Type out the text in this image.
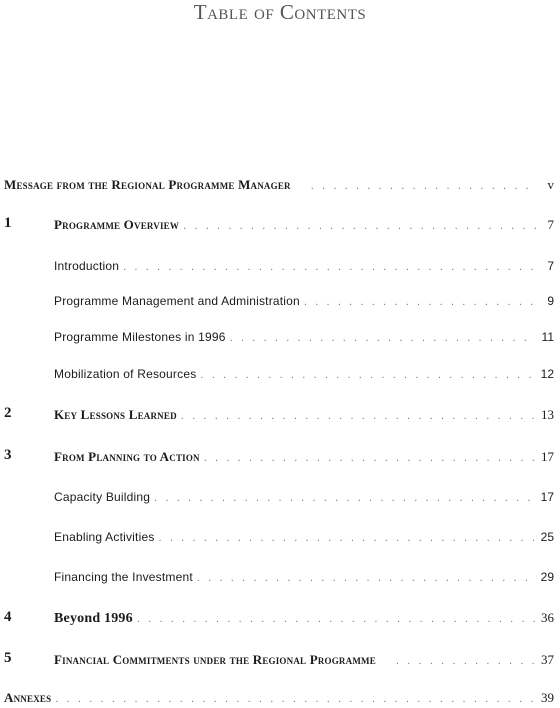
Table of Contents
Message from the Regional Programme Manager . . .	v
1	Programme Overview . . .	7
Introduction . . .	7
Programme Management and Administration . . .	9
Programme Milestones in 1996 . . .	11
Mobilization of Resources . . .	12
2	Key Lessons Learned . . .	13
3	From Planning to Action . . .	17
Capacity Building . . .	17
Enabling Activities . . .	25
Financing the Investment . . .	29
4	Beyond 1996 . . .	36
5	Financial Commitments under the Regional Programme . . .	37
Annexes . . .	39
